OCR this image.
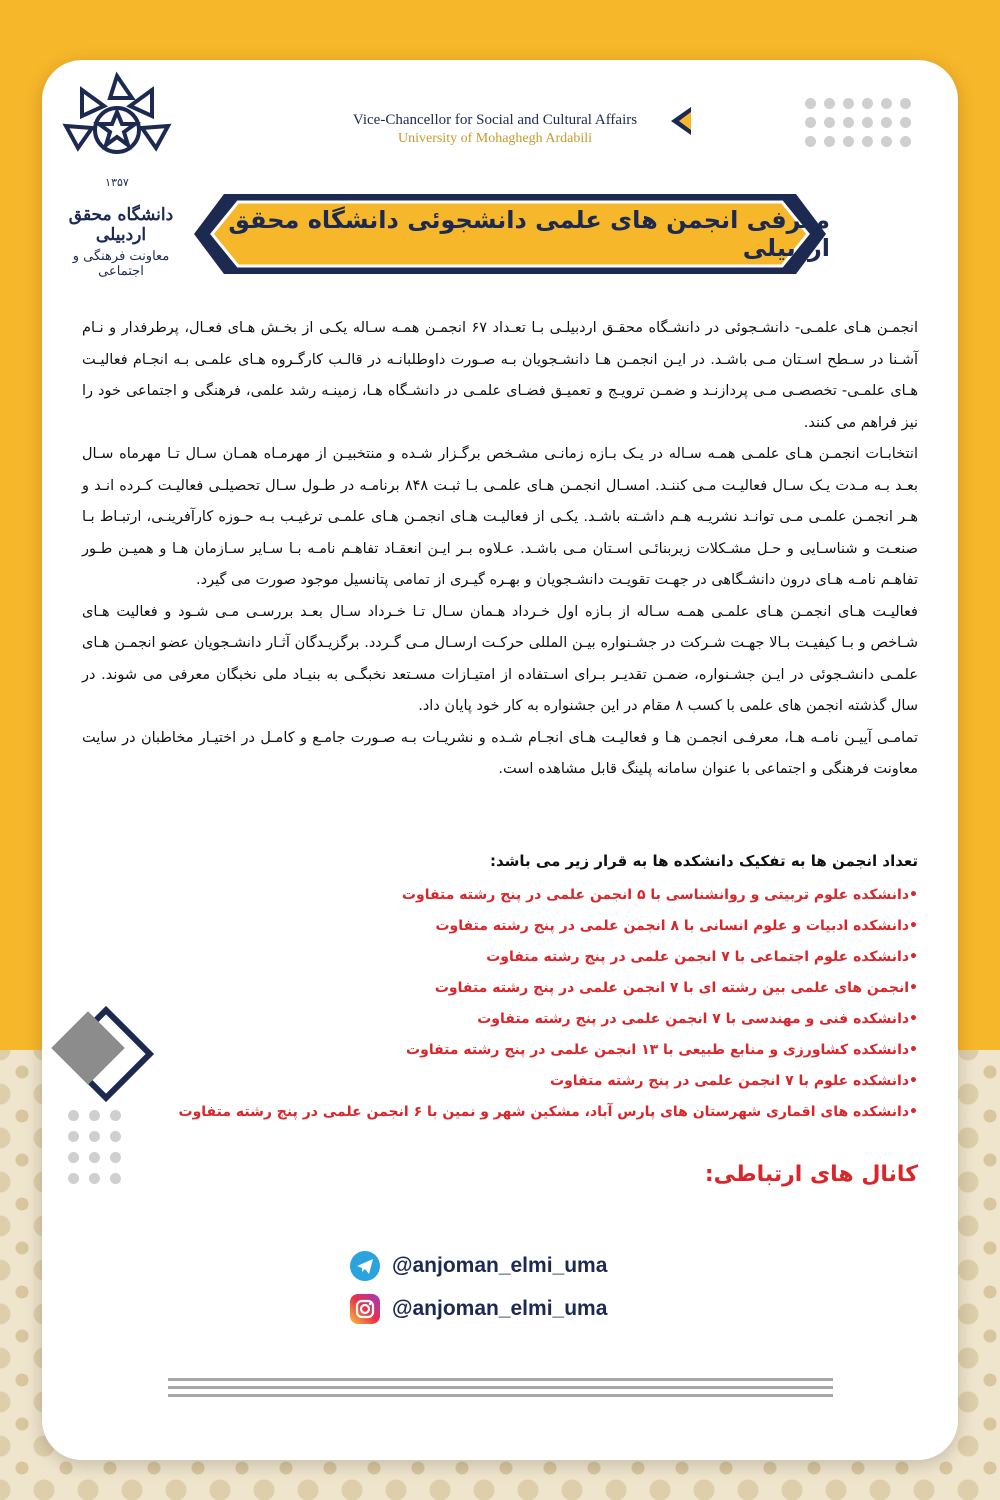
۱۳۵۷
دانشگاه محقق اردبیلی
معاونت فرهنگی و اجتماعی
Vice-Chancellor for Social and Cultural Affairs
University of Mohaghegh Ardabili
معرفی انجمن های علمی دانشجوئی دانشگاه محقق اردبیلی

انجمـن هـای علمـی- دانشـجوئی در دانشـگاه محقـق اردبیلـی بـا تعـداد ۶۷ انجمـن همـه سـاله یکـی از بخـش هـای فعـال، پرطرفدار و نـام آشـنا در سـطح اسـتان مـی باشـد. در ایـن انجمـن هـا دانشـجویان بـه صـورت داوطلبانـه در قالـب کارگـروه هـای علمـی بـه انجـام فعالیـت هـای علمـی- تخصصـی مـی پردازنـد و ضمـن ترویـج و تعمیـق فضـای علمـی در دانشـگاه هـا، زمینـه رشد علمی، فرهنگی و اجتماعی خود را نیز فراهم می کنند.

انتخابـات انجمـن هـای علمـی همـه سـاله در یـک بـازه زمانـی مشـخص برگـزار شـده و منتخبیـن از مهرمـاه همـان سـال تـا مهرماه سـال بعـد بـه مـدت یـک سـال فعالیـت مـی کننـد. امسـال انجمـن هـای علمـی بـا ثبـت ۸۴۸ برنامـه در طـول سـال تحصیلـی فعالیـت کـرده انـد و هـر انجمـن علمـی مـی توانـد نشریـه هـم داشـته باشـد. یکـی از فعالیـت هـای انجمـن هـای علمـی ترغیـب بـه حـوزه کارآفرینـی، ارتبـاط بـا صنعـت و شناسـایی و حـل مشـکلات زیربنائـی اسـتان مـی باشـد. عـلاوه بـر ایـن انعقـاد تفاهـم نامـه بـا سـایر سـازمان هـا و همیـن طـور تفاهـم نامـه هـای درون دانشـگاهی در جهـت تقویـت دانشـجویان و بهـره گیـری از تمامی پتانسیل موجود صورت می گیرد.

فعالیـت هـای انجمـن هـای علمـی همـه سـاله از بـازه اول خـرداد هـمان سـال تـا خـرداد سـال بعـد بررسـی مـی شـود و فعالیت هـای شـاخص و بـا کیفیـت بـالا جهـت شـرکت در جشـنواره بیـن المللی حرکـت ارسـال مـی گـردد. برگزیـدگان آثـار دانشـجویان عضو انجمـن هـای علمـی دانشـجوئی در ایـن جشـنواره، ضمـن تقدیـر بـرای اسـتفاده از امتیـازات مسـتعد نخبگـی به بنیـاد ملی نخبگان معرفی می شوند. در سال گذشته انجمن های علمی با کسب ۸ مقام در این جشنواره به کار خود پایان داد.

تمامـی آییـن نامـه هـا، معرفـی انجمـن هـا و فعالیـت هـای انجـام شـده و نشریـات بـه صـورت جامـع و کامـل در اختیـار مخاطبان در سایت معاونت فرهنگی و اجتماعی با عنوان سامانه پلینگ قابل مشاهده است.

تعداد انجمن ها به تفکیک دانشکده ها به قرار زیر می باشد:
•دانشکده علوم تربیتی و روانشناسی با ۵ انجمن علمی در پنج رشته متفاوت
•دانشکده ادبیات و علوم انسانی با ۸ انجمن علمی در پنج رشته متفاوت
•دانشکده علوم اجتماعی با ۷ انجمن علمی در پنج رشته متفاوت
•انجمن های علمی بین رشته ای با ۷ انجمن علمی در پنج رشته متفاوت
•دانشکده فنی و مهندسی با ۷ انجمن علمی در پنج رشته متفاوت
•دانشکده کشاورزی و منابع طبیعی با ۱۳ انجمن علمی در پنج رشته متفاوت
•دانشکده علوم با ۷ انجمن علمی در پنج رشته متفاوت
•دانشکده های اقماری شهرستان های پارس آباد، مشکین شهر و نمین با ۶ انجمن علمی در پنج رشته متفاوت
کانال های ارتباطی:
@anjoman_elmi_uma
@anjoman_elmi_uma
